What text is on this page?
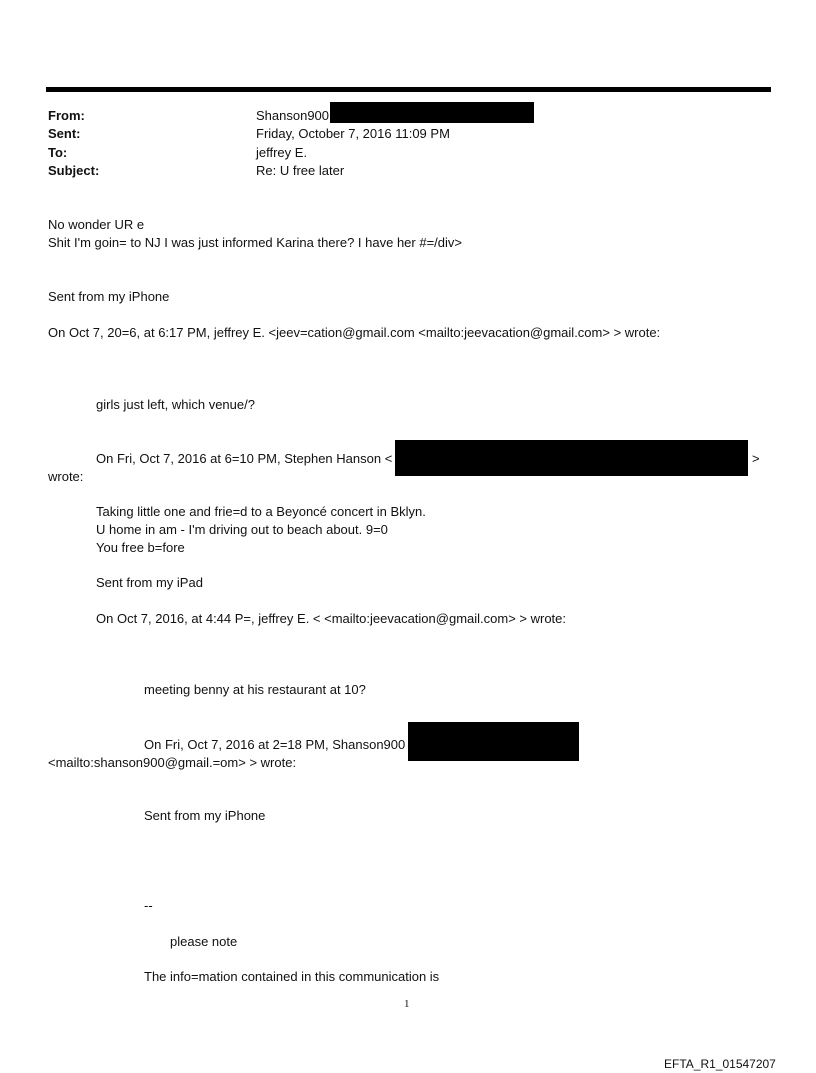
From:	Shanson900
Sent:	Friday, October 7, 2016 11:09 PM
To:	jeffrey E.
Subject:	Re: U free later
No wonder UR e
Shit I'm goin= to NJ I was just informed Karina there? I have her #=/div>
Sent from my iPhone
On Oct 7, 20=6, at 6:17 PM, jeffrey E. <jeev=cation@gmail.com <mailto:jeevacation@gmail.com> > wrote:
girls just left, which venue/?
On Fri, Oct 7, 2016 at 6=10 PM, Stephen Hanson <	>
wrote:
Taking little one and frie=d to a Beyoncé concert in Bklyn.
U home in am - I'm driving out to beach about. 9=0
You free b=fore
Sent from my iPad
On Oct 7, 2016, at 4:44 P=, jeffrey E. < <mailto:jeevacation@gmail.com> > wrote:
meeting benny at his restaurant at 10?
On Fri, Oct 7, 2016 at 2=18 PM, Shanson900
<mailto:shanson900@gmail.=om> > wrote:
Sent from my iPhone
--
please note
The info=mation contained in this communication is
1
EFTA_R1_01547207
